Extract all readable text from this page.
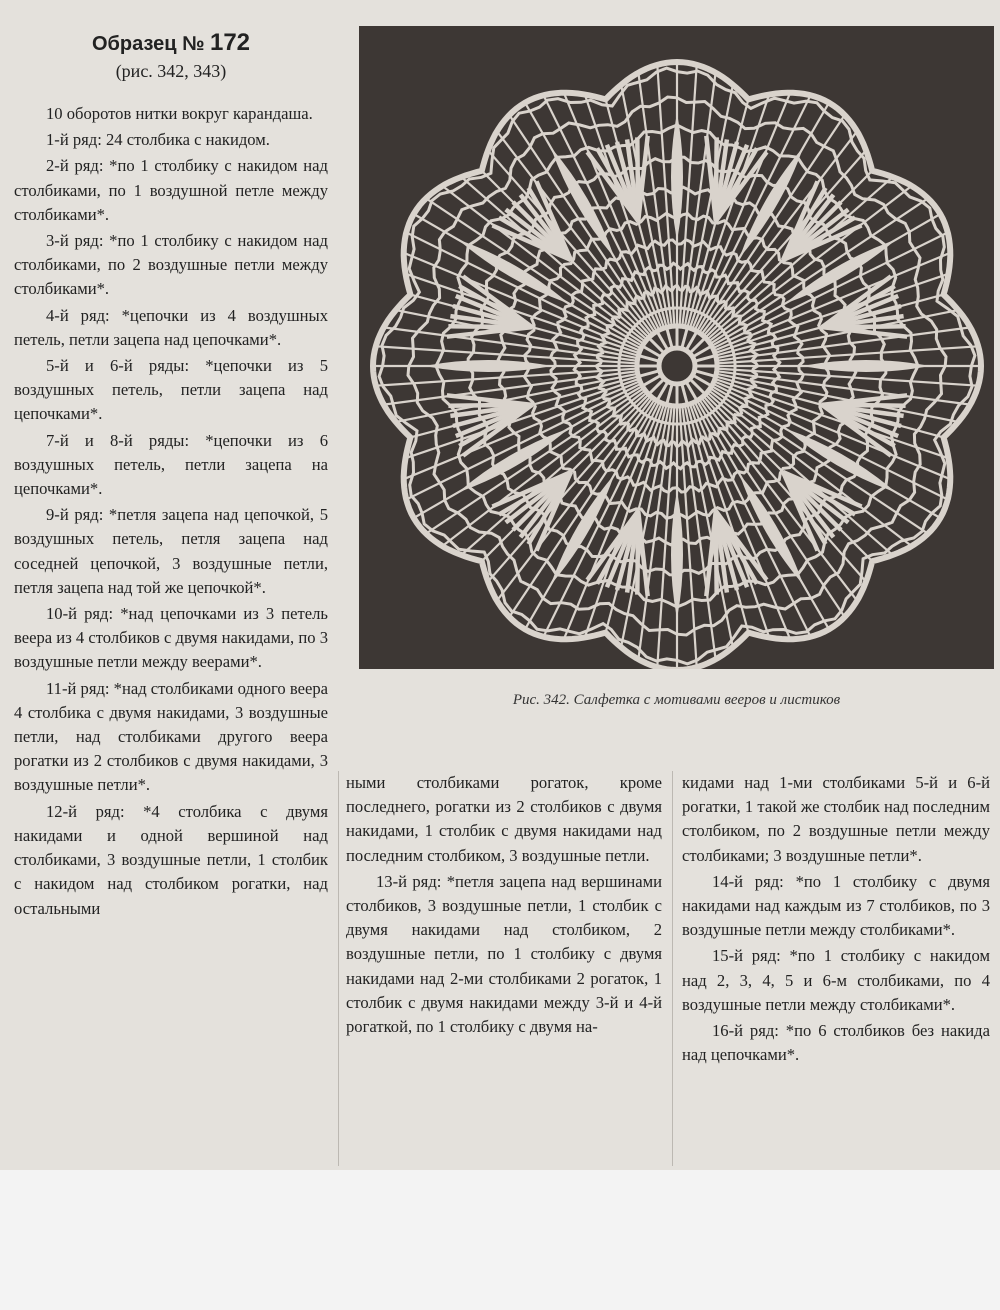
Образец № 172
(рис. 342, 343)

10 оборотов нитки вокруг карандаша.

1-й ряд: 24 столбика с накидом.

2-й ряд: *по 1 столбику с накидом над столбиками, по 1 воздушной петле между столбиками*.

3-й ряд: *по 1 столбику с накидом над столбиками, по 2 воздушные петли между столбиками*.

4-й ряд: *цепочки из 4 воздушных петель, петли зацепа над цепочками*.

5-й и 6-й ряды: *цепочки из 5 воздушных петель, петли зацепа над цепочками*.

7-й и 8-й ряды: *цепочки из 6 воздушных петель, петли зацепа на цепочками*.

9-й ряд: *петля зацепа над цепочкой, 5 воздушных петель, петля зацепа над соседней цепочкой, 3 воздушные петли, петля зацепа над той же цепочкой*.

10-й ряд: *над цепочками из 3 петель веера из 4 столбиков с двумя накидами, по 3 воздушные петли между веерами*.

11-й ряд: *над столбиками одного веера 4 столбика с двумя накидами, 3 воздушные петли, над столбиками другого веера рогатки из 2 столбиков с двумя накидами, 3 воздушные петли*.

12-й ряд: *4 столбика с двумя накидами и одной вершиной над столбиками, 3 воздушные петли, 1 столбик с накидом над столбиком рогатки, над остальными

Рис. 342. Салфетка с мотивами вееров и листиков

ными столбиками рогаток, кроме последнего, рогатки из 2 столбиков с двумя накидами, 1 столбик с двумя накидами над последним столбиком, 3 воздушные петли.

13-й ряд: *петля зацепа над вершинами столбиков, 3 воздушные петли, 1 столбик с двумя накидами над столбиком, 2 воздушные петли, по 1 столбику с двумя накидами над 2-ми столбиками 2 рогаток, 1 столбик с двумя накидами между 3-й и 4-й рогаткой, по 1 столбику с двумя на-

кидами над 1-ми столбиками 5-й и 6-й рогатки, 1 такой же столбик над последним столбиком, по 2 воздушные петли между столбиками; 3 воздушные петли*.

14-й ряд: *по 1 столбику с двумя накидами над каждым из 7 столбиков, по 3 воздушные петли между столбиками*.

15-й ряд: *по 1 столбику с накидом над 2, 3, 4, 5 и 6-м столбиками, по 4 воздушные петли между столбиками*.

16-й ряд: *по 6 столбиков без накида над цепочками*.
